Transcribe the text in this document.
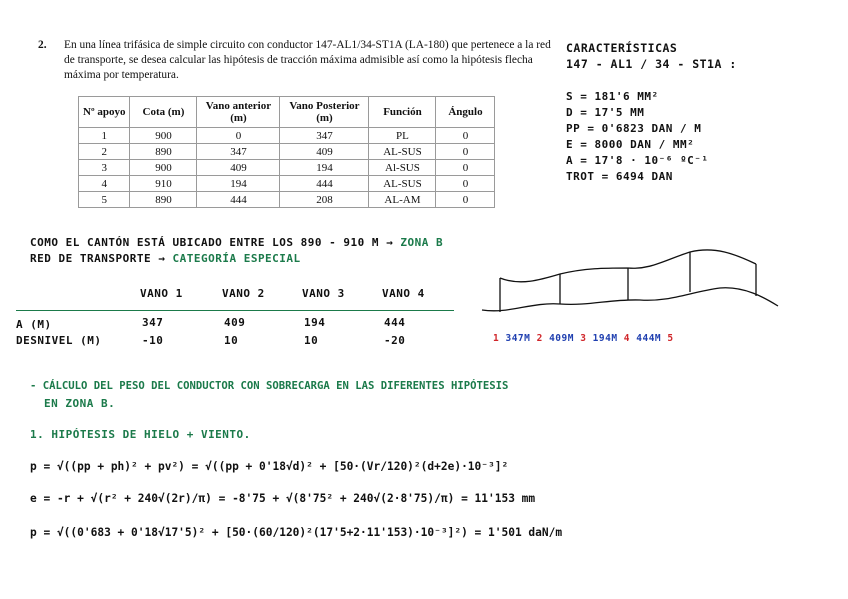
2. En una línea trifásica de simple circuito con conductor 147-AL1/34-ST1A (LA-180) que pertenece a la red de transporte, se desea calcular las hipótesis de tracción máxima admisible así como la hipótesis flecha máxima por temperatura.
Nº apoyo	Cota (m)	Vano anterior (m)	Vano Posterior (m)	Función	Ángulo
1	900	0	347	PL	0
2	890	347	409	AL-SUS	0
3	900	409	194	Al-SUS	0
4	910	194	444	AL-SUS	0
5	890	444	208	AL-AM	0
CARACTERÍSTICAS
147 - AL1 / 34 - ST1A :
S = 181'6 MM²
D = 17'5 MM
PP = 0'6823 DAN / M
E = 8000 DAN / MM²
Α = 17'8 · 10⁻⁶ ºC⁻¹
TROT = 6494 DAN
COMO EL CANTÓN ESTÁ UBICADO ENTRE LOS 890 - 910 M → ZONA B
RED DE TRANSPORTE → CATEGORÍA ESPECIAL
VANO 1	VANO 2	VANO 3	VANO 4
A (M)	347	409	194	444
DESNIVEL (M)	-10	10	10	-20	1 347M 2 409M 3 194M 4 444M 5
- CÁLCULO DEL PESO DEL CONDUCTOR CON SOBRECARGA EN LAS DIFERENTES HIPÓTESIS
EN ZONA B.
1. HIPÓTESIS DE HIELO + VIENTO.
p = √((pp + ph)² + pv²) = √((pp + 0'18√d)² + [50·(Vr/120)²(d+2e)·10⁻³]²
e = -r + √(r² + 240√(2r)/π) = -8'75 + √(8'75² + 240√(2·8'75)/π) = 11'153 mm
p = √((0'683 + 0'18√17'5)² + [50·(60/120)²(17'5+2·11'153)·10⁻³]²) = 1'501 daN/m
